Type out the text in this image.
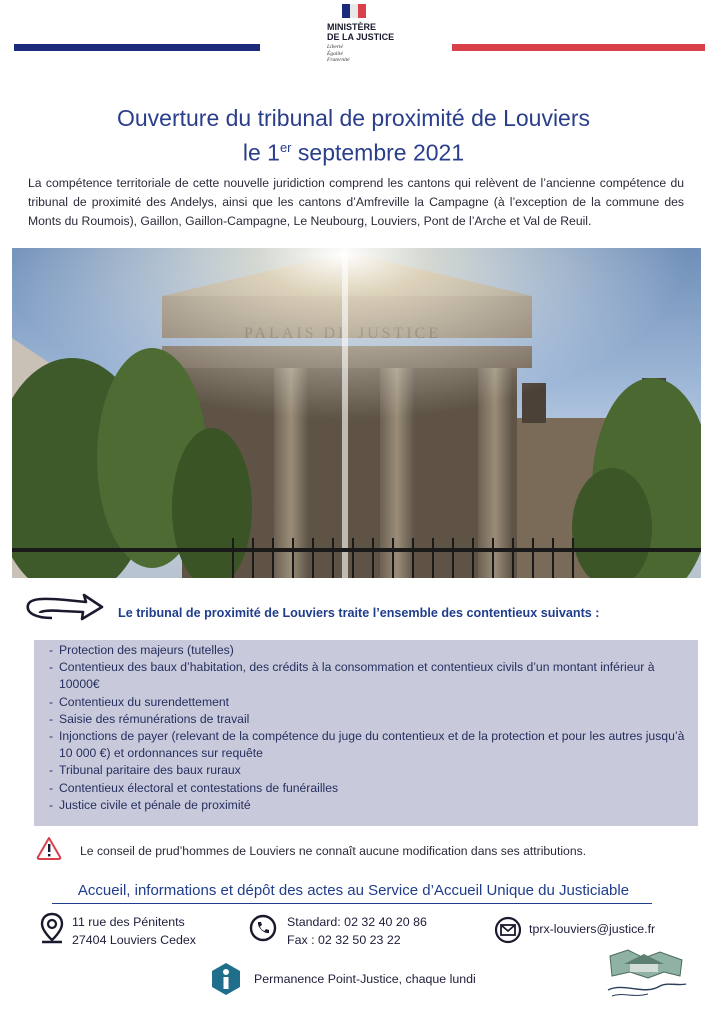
MINISTÈRE
DE LA JUSTICE
Liberté
Égalité
Fraternité
Ouverture du tribunal de proximité de Louviers
le 1er septembre 2021
La compétence territoriale de cette nouvelle juridiction comprend les cantons qui relèvent de l’ancienne compétence du tribunal de proximité des Andelys, ainsi que les cantons d’Amfreville la Campagne (à l’exception de la commune des Monts du Roumois), Gaillon, Gaillon-Campagne, Le Neubourg, Louviers, Pont de l’Arche et Val de Reuil.
Le tribunal de proximité de Louviers traite l’ensemble des contentieux suivants :
- Protection des majeurs (tutelles)
- Contentieux des baux d’habitation, des crédits à la consommation et contentieux civils d’un montant inférieur à 10000€
- Contentieux du surendettement
- Saisie des rémunérations de travail
- Injonctions de payer (relevant de la compétence du juge du contentieux et de la protection et pour les autres jusqu’à 10 000 €) et ordonnances sur requête
- Tribunal paritaire des baux ruraux
- Contentieux électoral et contestations de funérailles
- Justice civile et pénale de proximité
Le conseil de prud’hommes de Louviers ne connaît aucune modification dans ses attributions.
Accueil, informations et dépôt des actes au Service d’Accueil Unique du Justiciable
11 rue des Pénitents
27404 Louviers Cedex
Standard: 02 32 40 20 86
Fax : 02 32 50 23 22
tprx-louviers@justice.fr
Permanence Point-Justice, chaque lundi
